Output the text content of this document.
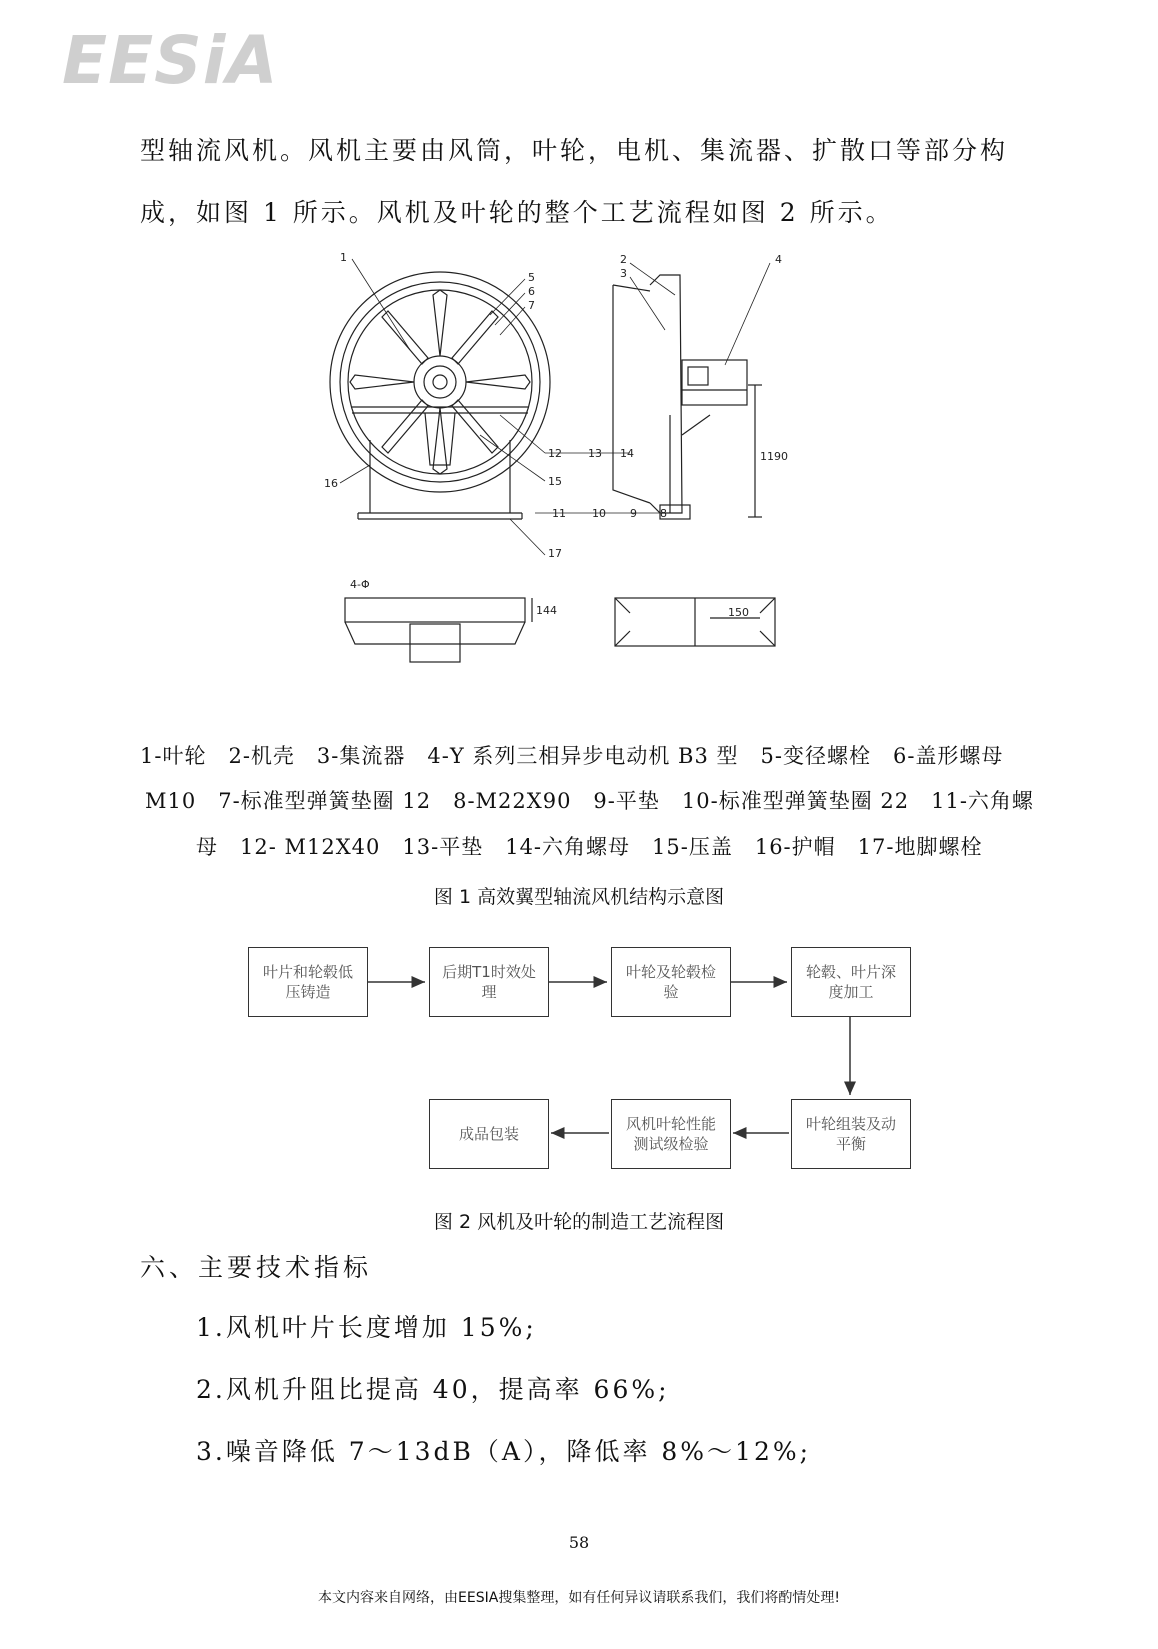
EESiA
型轴流风机。风机主要由风筒，叶轮，电机、集流器、扩散口等部分构
成，如图 1 所示。风机及叶轮的整个工艺流程如图 2 所示。
1	2
3
4
5
6
7
8
9
10
11
12 13 14
15
16
17
1190
4-Φ
144	150
1-叶轮　2-机壳　3-集流器　4-Y 系列三相异步电动机 B3 型　5-变径螺栓　6-盖形螺母
M10　7-标准型弹簧垫圈 12　8-M22X90　9-平垫　10-标准型弹簧垫圈 22　11-六角螺
母　12- M12X40　13-平垫　14-六角螺母　15-压盖　16-护帽　17-地脚螺栓
图 1 高效翼型轴流风机结构示意图
叶片和轮毂低压铸造
后期T1时效处理
叶轮及轮毂检验
轮毂、叶片深度加工
叶轮组装及动平衡
风机叶轮性能测试级检验
成品包装
图 2 风机及叶轮的制造工艺流程图
六、主要技术指标
1.风机叶片长度增加 15%;
2.风机升阻比提高 40，提高率 66%;
3.噪音降低 7～13dB（A），降低率 8%～12%;
58
本文内容来自网络，由EESIA搜集整理，如有任何异议请联系我们，我们将酌情处理!
